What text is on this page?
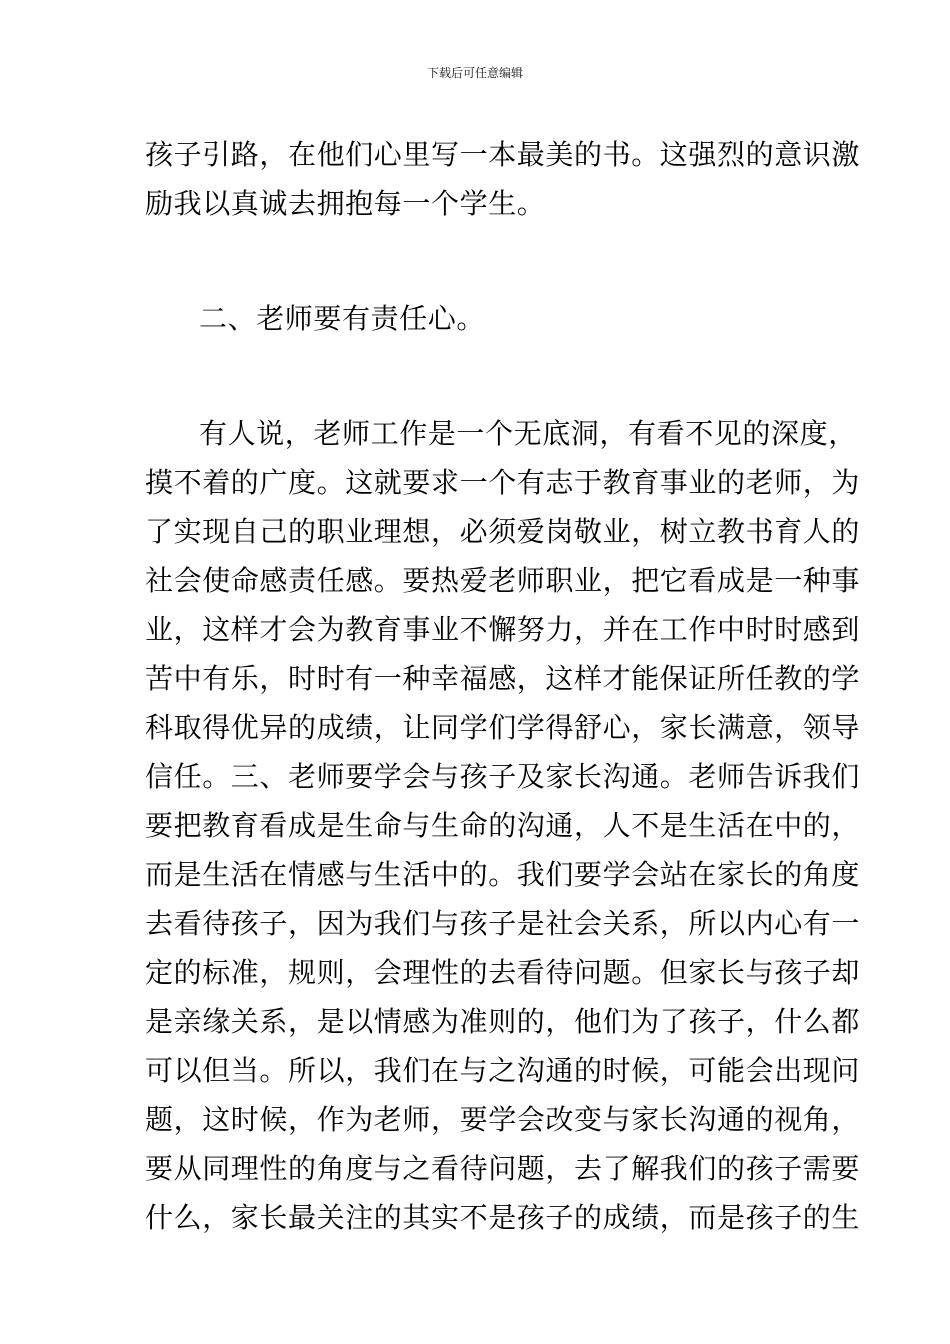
下载后可任意编辑
孩子引路，在他们心里写一本最美的书。这强烈的意识激
励我以真诚去拥抱每一个学生。
二、老师要有责任心。
有人说，老师工作是一个无底洞，有看不见的深度，
摸不着的广度。这就要求一个有志于教育事业的老师，为
了实现自己的职业理想，必须爱岗敬业，树立教书育人的
社会使命感责任感。要热爱老师职业，把它看成是一种事
业，这样才会为教育事业不懈努力，并在工作中时时感到
苦中有乐，时时有一种幸福感，这样才能保证所任教的学
科取得优异的成绩，让同学们学得舒心，家长满意，领导
信任。三、老师要学会与孩子及家长沟通。老师告诉我们
要把教育看成是生命与生命的沟通，人不是生活在中的，
而是生活在情感与生活中的。我们要学会站在家长的角度
去看待孩子，因为我们与孩子是社会关系，所以内心有一
定的标准，规则，会理性的去看待问题。但家长与孩子却
是亲缘关系，是以情感为准则的，他们为了孩子，什么都
可以但当。所以，我们在与之沟通的时候，可能会出现问
题，这时候，作为老师，要学会改变与家长沟通的视角，
要从同理性的角度与之看待问题，去了解我们的孩子需要
什么，家长最关注的其实不是孩子的成绩，而是孩子的生
